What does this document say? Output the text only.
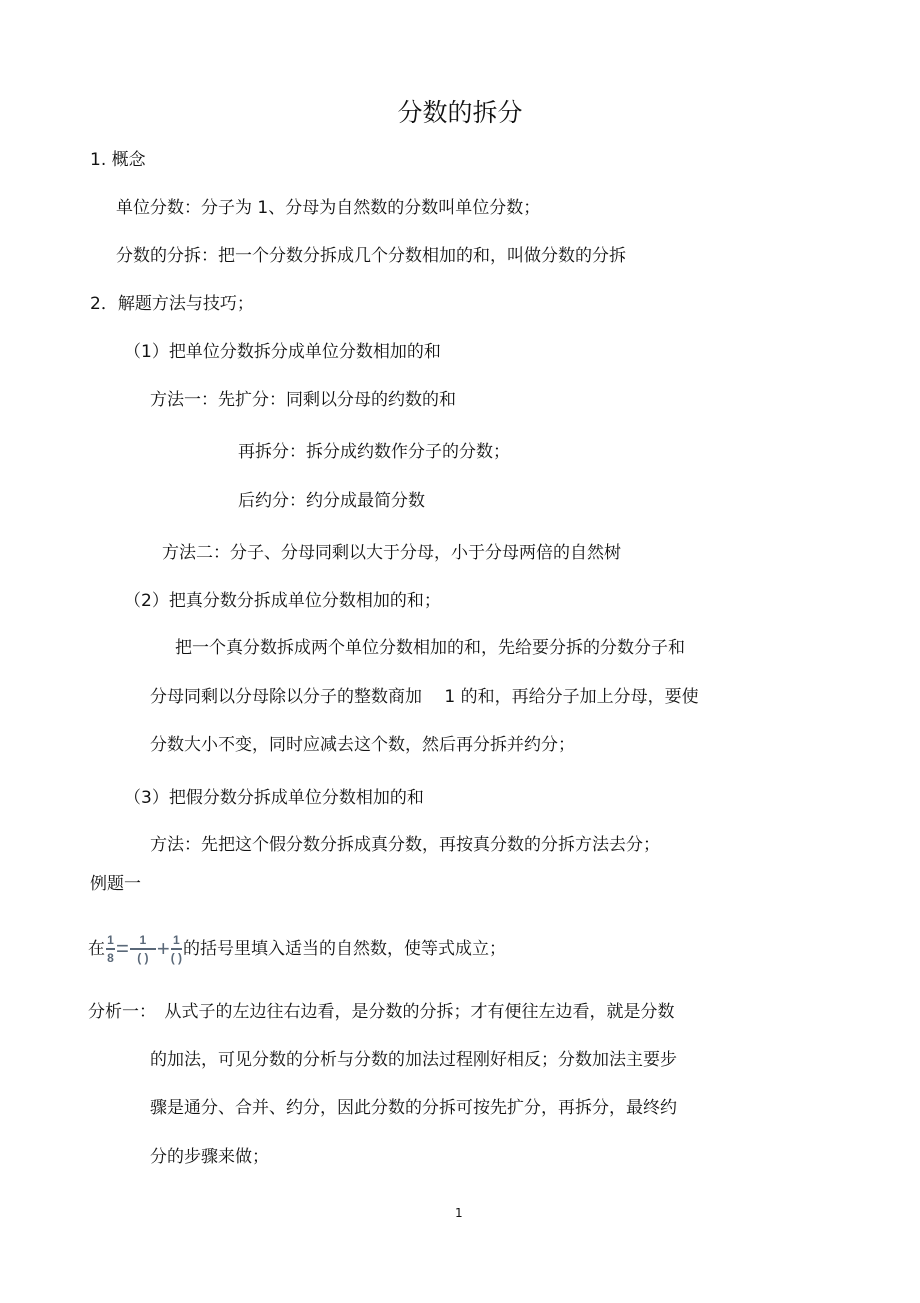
分数的拆分
1. 概念
单位分数：分子为 1、分母为自然数的分数叫单位分数；
分数的分拆：把一个分数分拆成几个分数相加的和，叫做分数的分拆
2．解题方法与技巧；
（1）把单位分数拆分成单位分数相加的和
方法一：先扩分：同剩以分母的约数的和
再拆分：拆分成约数作分子的分数；
后约分：约分成最简分数
方法二：分子、分母同剩以大于分母，小于分母两倍的自然树
（2）把真分数分拆成单位分数相加的和；
把一个真分数拆成两个单位分数相加的和，先给要分拆的分数分子和
分母同剩以分母除以分子的整数商加 　1 的和，再给分子加上分母，要使
分数大小不变，同时应减去这个数，然后再分拆并约分；
（3）把假分数分拆成单位分数相加的和
方法：先把这个假分数分拆成真分数，再按真分数的分拆方法去分；
例题一
在 $\frac{1}{8} = \frac{1}{( )} + \frac{1}{( )}$ 的括号里填入适当的自然数，使等式成立；
分析一：　从式子的左边往右边看，是分数的分拆；才有便往左边看，就是分数
的加法，可见分数的分析与分数的加法过程刚好相反；分数加法主要步
骤是通分、合并、约分，因此分数的分拆可按先扩分，再拆分，最终约
分的步骤来做；
1
